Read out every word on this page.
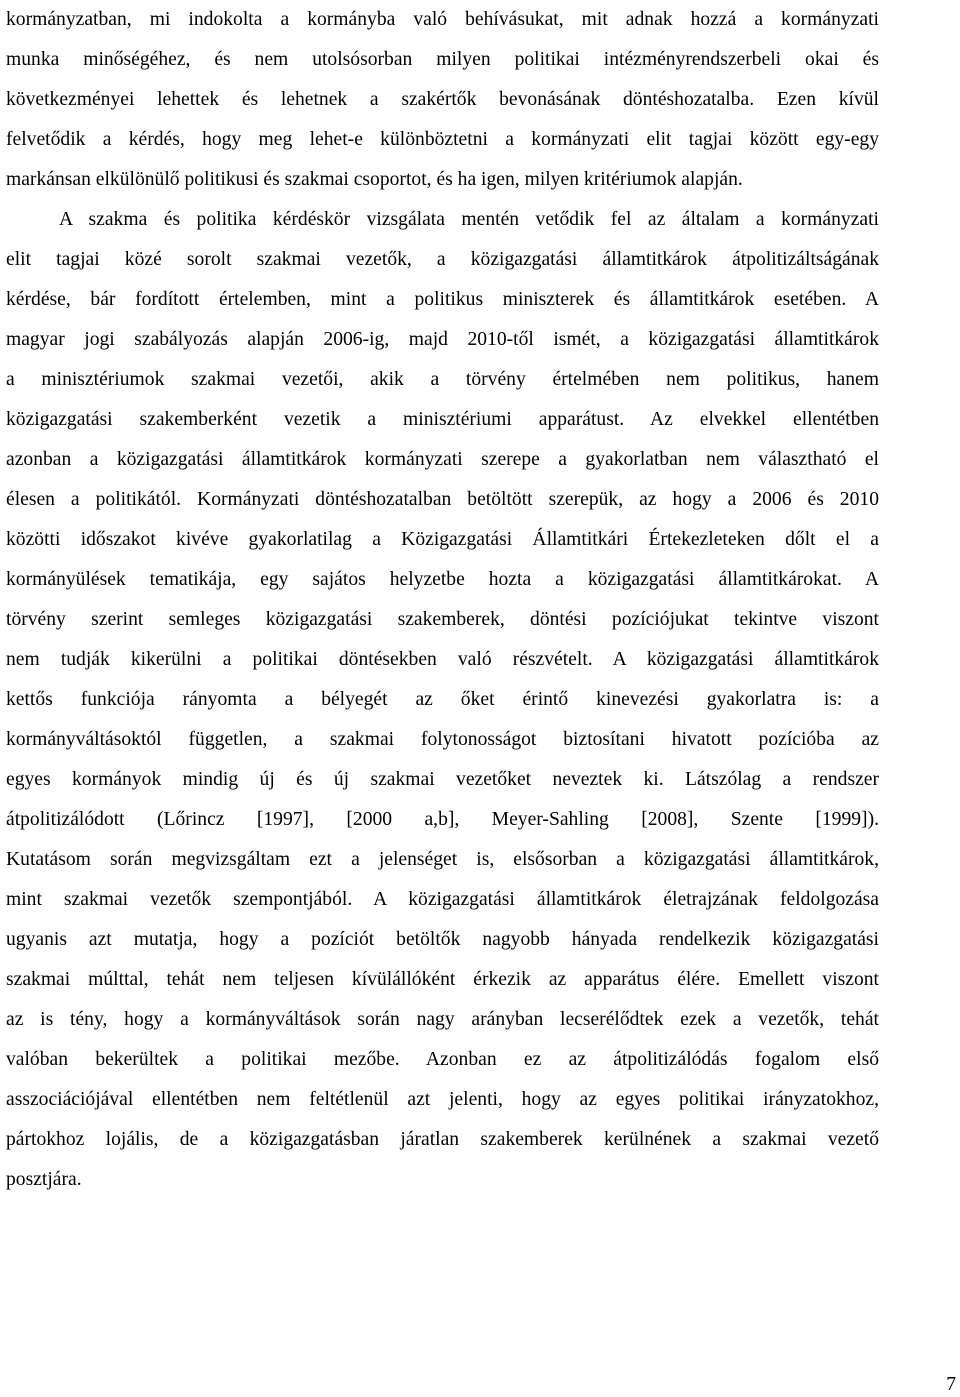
kormányzatban, mi indokolta a kormányba való behívásukat, mit adnak hozzá a kormányzati
munka minőségéhez, és nem utolsósorban milyen politikai intézményrendszerbeli okai és
következményei lehettek és lehetnek a szakértők bevonásának döntéshozatalba. Ezen kívül
felvetődik a kérdés, hogy meg lehet-e különböztetni a kormányzati elit tagjai között egy-egy
markánsan elkülönülő politikusi és szakmai csoportot, és ha igen, milyen kritériumok alapján.
A szakma és politika kérdéskör vizsgálata mentén vetődik fel az általam a kormányzati
elit tagjai közé sorolt szakmai vezetők, a közigazgatási államtitkárok átpolitizáltságának
kérdése, bár fordított értelemben, mint a politikus miniszterek és államtitkárok esetében. A
magyar jogi szabályozás alapján 2006-ig, majd 2010-től ismét, a közigazgatási államtitkárok
a minisztériumok szakmai vezetői, akik a törvény értelmében nem politikus, hanem
közigazgatási szakemberként vezetik a minisztériumi apparátust. Az elvekkel ellentétben
azonban a közigazgatási államtitkárok kormányzati szerepe a gyakorlatban nem választható el
élesen a politikától. Kormányzati döntéshozatalban betöltött szerepük, az hogy a 2006 és 2010
közötti időszakot kivéve gyakorlatilag a Közigazgatási Államtitkári Értekezleteken dőlt el a
kormányülések tematikája, egy sajátos helyzetbe hozta a közigazgatási államtitkárokat. A
törvény szerint semleges közigazgatási szakemberek, döntési pozíciójukat tekintve viszont
nem tudják kikerülni a politikai döntésekben való részvételt. A közigazgatási államtitkárok
kettős funkciója rányomta a bélyegét az őket érintő kinevezési gyakorlatra is: a
kormányváltásoktól független, a szakmai folytonosságot biztosítani hivatott pozícióba az
egyes kormányok mindig új és új szakmai vezetőket neveztek ki. Látszólag a rendszer
átpolitizálódott (Lőrincz [1997], [2000 a,b], Meyer-Sahling [2008], Szente [1999]).
Kutatásom során megvizsgáltam ezt a jelenséget is, elsősorban a közigazgatási államtitkárok,
mint szakmai vezetők szempontjából. A közigazgatási államtitkárok életrajzának feldolgozása
ugyanis azt mutatja, hogy a pozíciót betöltők nagyobb hányada rendelkezik közigazgatási
szakmai múlttal, tehát nem teljesen kívülállóként érkezik az apparátus élére. Emellett viszont
az is tény, hogy a kormányváltások során nagy arányban lecserélődtek ezek a vezetők, tehát
valóban bekerültek a politikai mezőbe. Azonban ez az átpolitizálódás fogalom első
asszociációjával ellentétben nem feltétlenül azt jelenti, hogy az egyes politikai irányzatokhoz,
pártokhoz lojális, de a közigazgatásban járatlan szakemberek kerülnének a szakmai vezető
posztjára.
7
